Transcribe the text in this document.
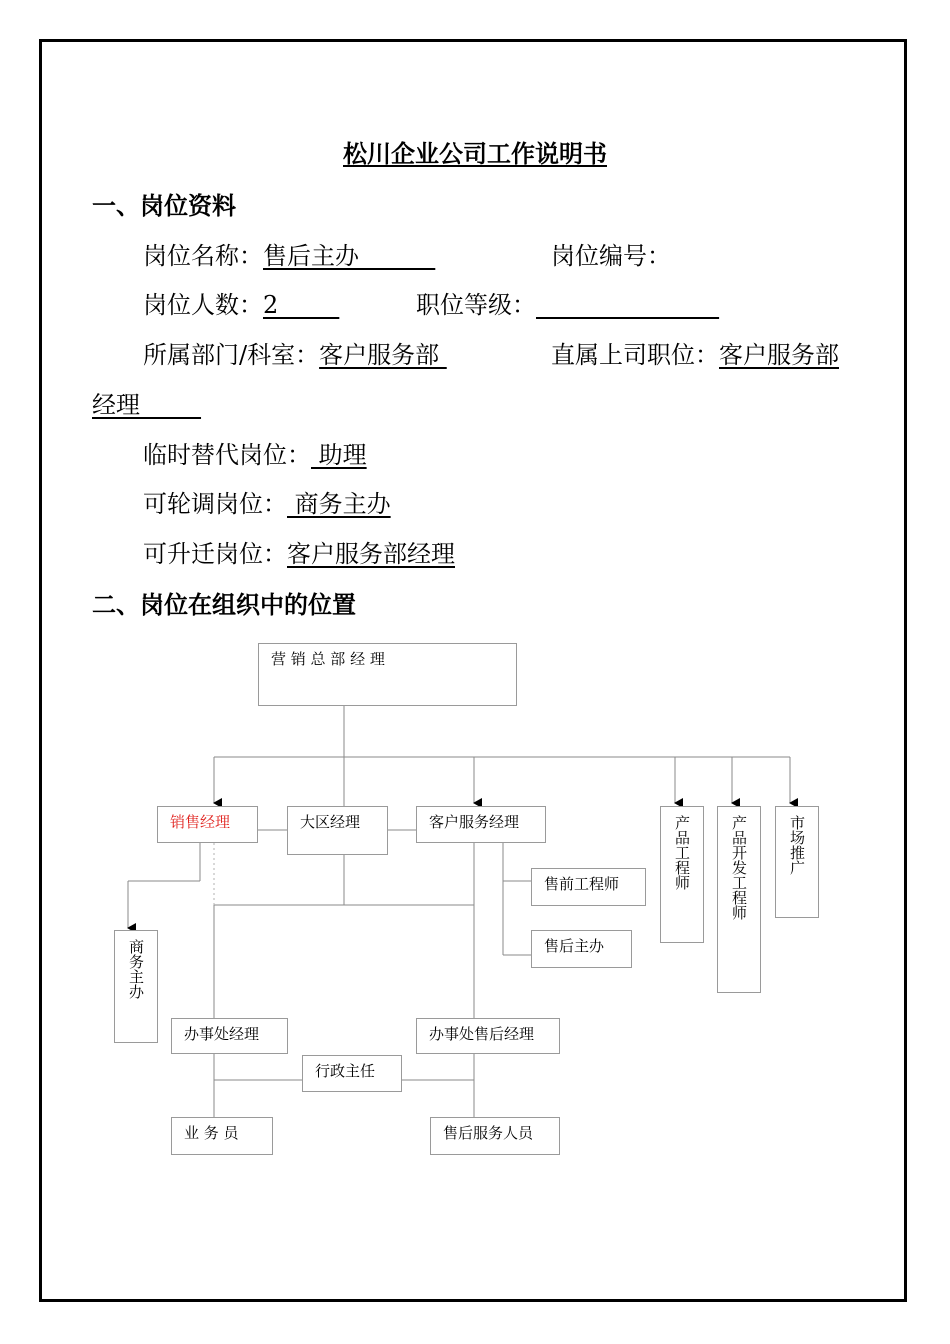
松川企业公司工作说明书
一、岗位资料
岗位名称：售后主办	岗位编号：
岗位人数：2	职位等级：
所属部门/科室：客户服务部	直属上司职位：客户服务部
经理
临时替代岗位： 助理
可轮调岗位： 商务主办
可升迁岗位：客户服务部经理
二、岗位在组织中的位置
营 销 总 部 经 理
销售经理	大区经理	客户服务经理	产品工程师	产品开发工程师	市场推广
售前工程师
售后主办
商务主办
办事处经理	办事处售后经理
行政主任
业 务 员	售后服务人员
